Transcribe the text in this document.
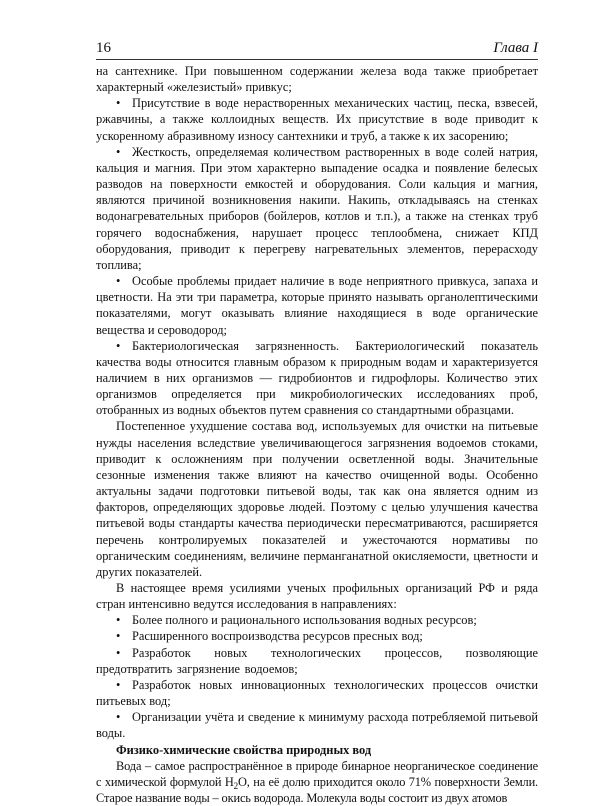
16	Глава I

на сантехнике. При повышенном содержании железа вода также приобретает характерный «железистый» привкус;

• Присутствие в воде нерастворенных механических частиц, песка, взвесей, ржавчины, а также коллоидных веществ. Их присутствие в воде приводит к ускоренному абразивному износу сантехники и труб, а также к их засорению;

• Жесткость, определяемая количеством растворенных в воде солей натрия, кальция и магния. При этом характерно выпадение осадка и появление белесых разводов на поверхности емкостей и оборудования. Соли кальция и магния, являются причиной возникновения накипи. Накипь, откладываясь на стенках водонагревательных приборов (бойлеров, котлов и т.п.), а также на стенках труб горячего водоснабжения, нарушает процесс теплообмена, снижает КПД оборудования, приводит к перегреву нагревательных элементов, перерасходу топлива;

• Особые проблемы придает наличие в воде неприятного привкуса, запаха и цветности. На эти три параметра, которые принято называть органолептическими показателями, могут оказывать влияние находящиеся в воде органические вещества и сероводород;

• Бактериологическая загрязненность. Бактериологический показатель качества воды относится главным образом к природным водам и характеризуется наличием в них организмов — гидробионтов и гидрофлоры. Количество этих организмов определяется при микробиологических исследованиях проб, отобранных из водных объектов путем сравнения со стандартными образцами.

Постепенное ухудшение состава вод, используемых для очистки на питьевые нужды населения вследствие увеличивающегося загрязнения водоемов стоками, приводит к осложнениям при получении осветленной воды. Значительные сезонные изменения также влияют на качество очищенной воды. Особенно актуальны задачи подготовки питьевой воды, так как она является одним из факторов, определяющих здоровье людей. Поэтому с целью улучшения качества питьевой воды стандарты качества периодически пересматриваются, расширяется перечень контролируемых показателей и ужесточаются нормативы по органическим соединениям, величине перманганатной окисляемости, цветности и других показателей.

В настоящее время усилиями ученых профильных организаций РФ и ряда стран интенсивно ведутся исследования в направлениях:

• Более полного и рационального использования водных ресурсов;

• Расширенного воспроизводства ресурсов пресных вод;

• Разработок новых технологических процессов, позволяющие предотвратить загрязнение водоемов;

• Разработок новых инновационных технологических процессов очистки питьевых вод;

• Организации учёта и сведение к минимуму расхода потребляемой питьевой воды.

Физико-химические свойства природных вод

Вода – самое распространённое в природе бинарное неорганическое соединение с химической формулой $H_2O$, на её долю приходится около 71% поверхности Земли. Старое название воды – окись водорода. Молекула воды состоит из двух атомов
